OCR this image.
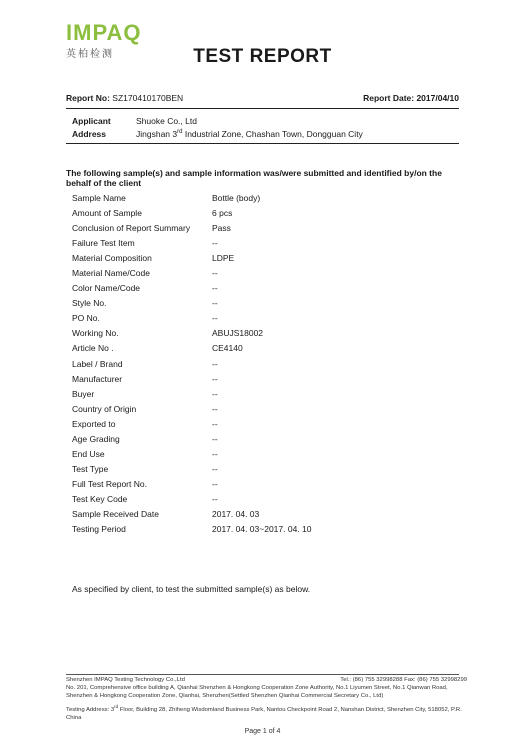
IMPAQ
英柏检测	TEST REPORT
Report No: SZ170410170BEN	Report Date: 2017/04/10
Applicant	Shuoke Co., Ltd
Address	Jingshan 3rd Industrial Zone, Chashan Town, Dongguan City
The following sample(s) and sample information was/were submitted and identified by/on the behalf of the client
Sample Name	Bottle (body)
Amount of Sample	6 pcs
Conclusion of Report Summary	Pass
Failure Test Item	--
Material Composition	LDPE
Material Name/Code	--
Color Name/Code	--
Style No.	--
PO No.	--
Working No.	ABUJS18002
Article No .	CE4140
Label / Brand	--
Manufacturer	--
Buyer	--
Country of Origin	--
Exported to	--
Age Grading	--
End Use	--
Test Type	--
Full Test Report No.	--
Test Key Code	--
Sample Received Date	2017. 04. 03
Testing Period	2017. 04. 03~2017. 04. 10
As specified by client, to test the submitted sample(s) as below.
Shenzhen IMPAQ Testing Technology Co.,Ltd	Tel.: (86) 755 32998288 Fax: (86) 755 32998299
No. 201, Comprehensive office building A, Qianhai Shenzhen & Hongkong Cooperation Zone Authority, No.1 Liyumen Street, No.1 Qianwan Road, Shenzhen & Hongkong Cooperation Zone, Qianhai, Shenzhen(Settled Shenzhen Qianhai Commercial Secretary Co., Ltd)
Testing Address: 3rd Floor, Building 28, Zhiheng Wisdomland Business Park, Nantou Checkpoint Road 2, Nanshan District, Shenzhen City, 518052, P.R. China
Page 1 of 4
